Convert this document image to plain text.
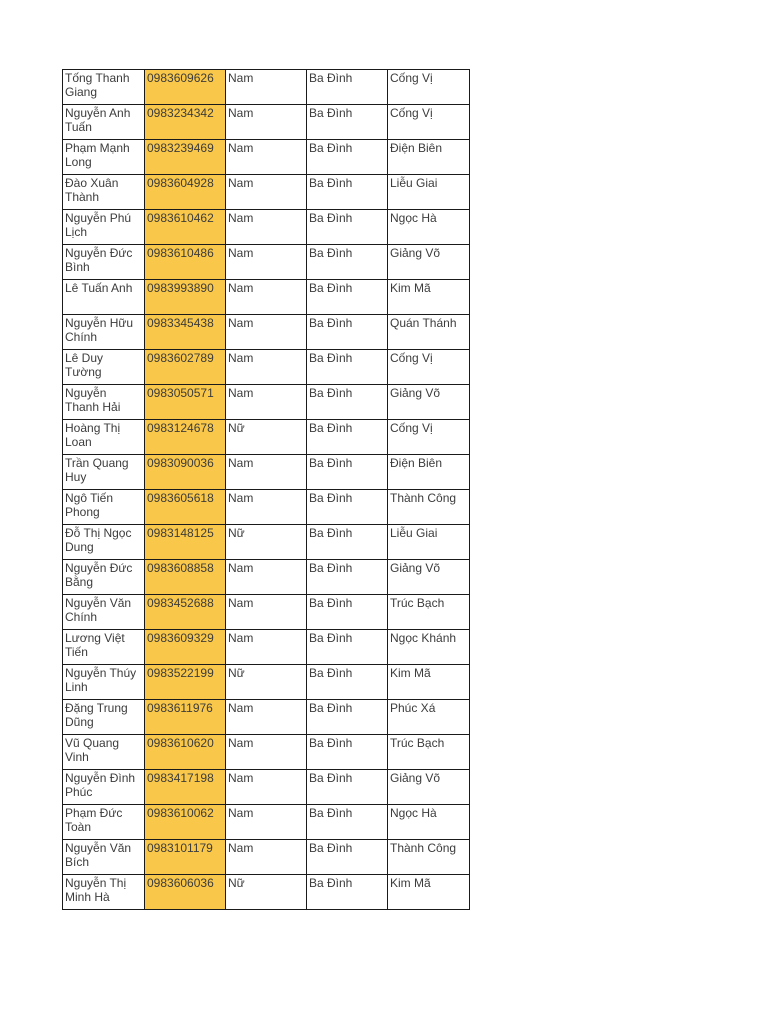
Tống Thanh Giang	0983609626	Nam	Ba Đình	Cống Vị
Nguyễn Anh Tuấn	0983234342	Nam	Ba Đình	Cống Vị
Phạm Mạnh Long	0983239469	Nam	Ba Đình	Điện Biên
Đào Xuân Thành	0983604928	Nam	Ba Đình	Liễu Giai
Nguyễn Phú Lịch	0983610462	Nam	Ba Đình	Ngọc Hà
Nguyễn Đức Bình	0983610486	Nam	Ba Đình	Giảng Võ
Lê Tuấn Anh	0983993890	Nam	Ba Đình	Kim Mã
Nguyễn Hữu Chính	0983345438	Nam	Ba Đình	Quán Thánh
Lê Duy Tường	0983602789	Nam	Ba Đình	Cống Vị
Nguyễn Thanh Hải	0983050571	Nam	Ba Đình	Giảng Võ
Hoàng Thị Loan	0983124678	Nữ	Ba Đình	Cống Vị
Trần Quang Huy	0983090036	Nam	Ba Đình	Điện Biên
Ngô Tiến Phong	0983605618	Nam	Ba Đình	Thành Công
Đỗ Thị Ngọc Dung	0983148125	Nữ	Ba Đình	Liễu Giai
Nguyễn Đức Bằng	0983608858	Nam	Ba Đình	Giảng Võ
Nguyễn Văn Chính	0983452688	Nam	Ba Đình	Trúc Bạch
Lương Việt Tiến	0983609329	Nam	Ba Đình	Ngọc Khánh
Nguyễn Thúy Linh	0983522199	Nữ	Ba Đình	Kim Mã
Đặng Trung Dũng	0983611976	Nam	Ba Đình	Phúc Xá
Vũ Quang Vinh	0983610620	Nam	Ba Đình	Trúc Bạch
Nguyễn Đình Phúc	0983417198	Nam	Ba Đình	Giảng Võ
Phạm Đức Toàn	0983610062	Nam	Ba Đình	Ngọc Hà
Nguyễn Văn Bích	0983101179	Nam	Ba Đình	Thành Công
Nguyễn Thị Minh Hà	0983606036	Nữ	Ba Đình	Kim Mã
